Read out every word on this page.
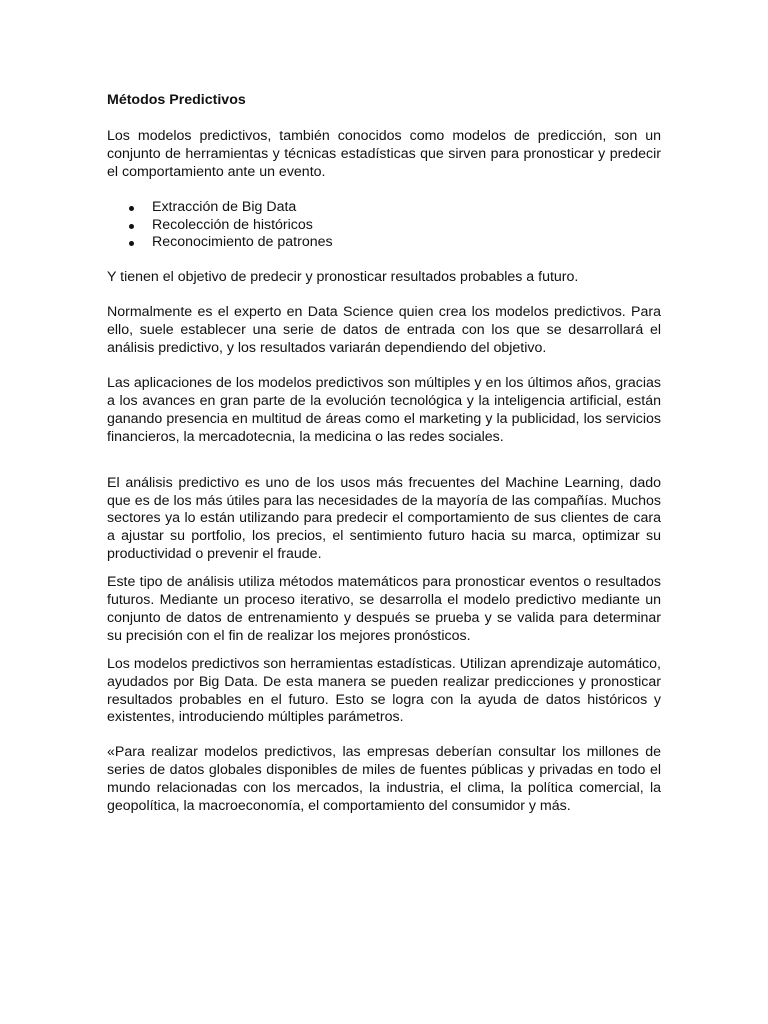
Métodos Predictivos
Los modelos predictivos, también conocidos como modelos de predicción, son un conjunto de herramientas y técnicas estadísticas que sirven para pronosticar y predecir el comportamiento ante un evento.
Extracción de Big Data
Recolección de históricos
Reconocimiento de patrones
Y tienen el objetivo de predecir y pronosticar resultados probables a futuro.
Normalmente es el experto en Data Science quien crea los modelos predictivos. Para ello, suele establecer una serie de datos de entrada con los que se desarrollará el análisis predictivo, y los resultados variarán dependiendo del objetivo.
Las aplicaciones de los modelos predictivos son múltiples y en los últimos años, gracias a los avances en gran parte de la evolución tecnológica y la inteligencia artificial, están ganando presencia en multitud de áreas como el marketing y la publicidad, los servicios financieros, la mercadotecnia, la medicina o las redes sociales.
El análisis predictivo es uno de los usos más frecuentes del Machine Learning, dado que es de los más útiles para las necesidades de la mayoría de las compañías. Muchos sectores ya lo están utilizando para predecir el comportamiento de sus clientes de cara a ajustar su portfolio, los precios, el sentimiento futuro hacia su marca, optimizar su productividad o prevenir el fraude.
Este tipo de análisis utiliza métodos matemáticos para pronosticar eventos o resultados futuros. Mediante un proceso iterativo, se desarrolla el modelo predictivo mediante un conjunto de datos de entrenamiento y después se prueba y se valida para determinar su precisión con el fin de realizar los mejores pronósticos.
Los modelos predictivos son herramientas estadísticas. Utilizan aprendizaje automático, ayudados por Big Data. De esta manera se pueden realizar predicciones y pronosticar resultados probables en el futuro. Esto se logra con la ayuda de datos históricos y existentes, introduciendo múltiples parámetros.
«Para realizar modelos predictivos, las empresas deberían consultar los millones de series de datos globales disponibles de miles de fuentes públicas y privadas en todo el mundo relacionadas con los mercados, la industria, el clima, la política comercial, la geopolítica, la macroeconomía, el comportamiento del consumidor y más.
